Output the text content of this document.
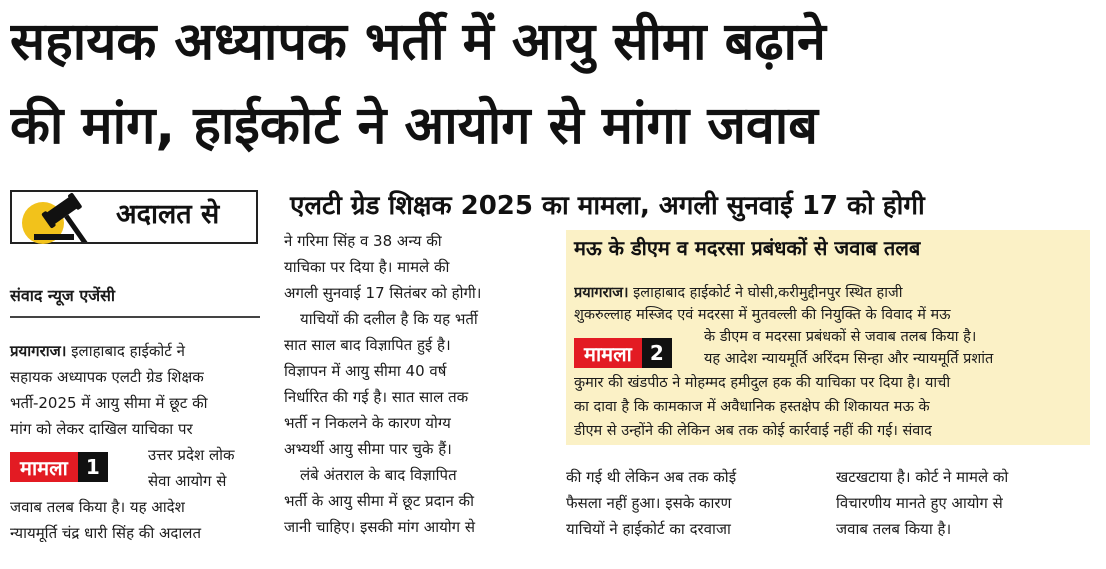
सहायक अध्यापक भर्ती में आयु सीमा बढ़ाने
की मांग, हाईकोर्ट ने आयोग से मांगा जवाब
अदालत से	एलटी ग्रेड शिक्षक 2025 का मामला, अगली सुनवाई 17 को होगी
संवाद न्यूज एजेंसी

प्रयागराज। इलाहाबाद हाईकोर्ट ने

सहायक अध्यापक एलटी ग्रेड शिक्षक

भर्ती-2025 में आयु सीमा में छूट की

मांग को लेकर दाखिल याचिका पर

उत्तर प्रदेश लोक

सेवा आयोग से

जवाब तलब किया है। यह आदेश

न्यायमूर्ति चंद्र धारी सिंह की अदालत

मामला 1

ने गरिमा सिंह व 38 अन्य की

याचिका पर दिया है। मामले की

अगली सुनवाई 17 सितंबर को होगी।

याचियों की दलील है कि यह भर्ती

सात साल बाद विज्ञापित हुई है।

विज्ञापन में आयु सीमा 40 वर्ष

निर्धारित की गई है। सात साल तक

भर्ती न निकलने के कारण योग्य

अभ्यर्थी आयु सीमा पार चुके हैं।

लंबे अंतराल के बाद विज्ञापित

भर्ती के आयु सीमा में छूट प्रदान की

जानी चाहिए। इसकी मांग आयोग से

मऊ के डीएम व मदरसा प्रबंधकों से जवाब तलब
प्रयागराज। इलाहाबाद हाईकोर्ट ने घोसी,करीमुद्दीनपुर स्थित हाजी
शुकरुल्लाह मस्जिद एवं मदरसा में मुतवल्ली की नियुक्ति के विवाद में मऊ
के डीएम व मदरसा प्रबंधकों से जवाब तलब किया है।
यह आदेश न्यायमूर्ति अरिंदम सिन्हा और न्यायमूर्ति प्रशांत
कुमार की खंडपीठ ने मोहम्मद हमीदुल हक की याचिका पर दिया है। याची
का दावा है कि कामकाज में अवैधानिक हस्तक्षेप की शिकायत मऊ के
डीएम से उन्होंने की लेकिन अब तक कोई कार्रवाई नहीं की गई। संवाद
मामला 2

की गई थी लेकिन अब तक कोई

फैसला नहीं हुआ। इसके कारण

याचियों ने हाईकोर्ट का दरवाजा

खटखटाया है। कोर्ट ने मामले को

विचारणीय मानते हुए आयोग से

जवाब तलब किया है।
